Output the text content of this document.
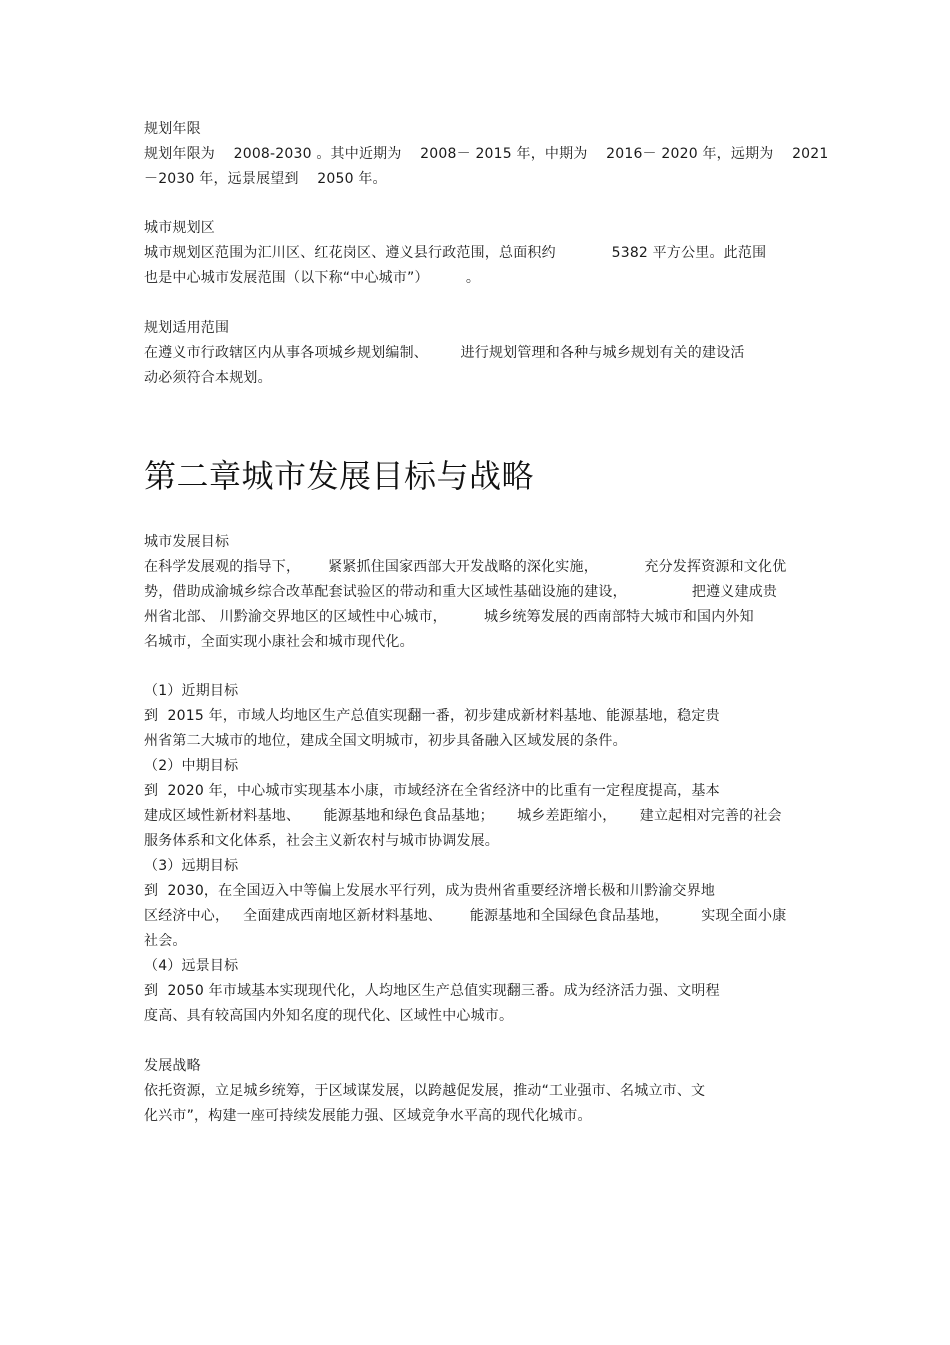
规划年限
规划年限为    2008-2030 。其中近期为    2008－ 2015 年，中期为    2016－ 2020 年，远期为    2021
－2030 年，远景展望到    2050 年。
城市规划区
城市规划区范围为汇川区、红花岗区、遵义县行政范围，总面积约            5382 平方公里。此范围
也是中心城市发展范围（以下称“中心城市”）        。
规划适用范围
在遵义市行政辖区内从事各项城乡规划编制、       进行规划管理和各种与城乡规划有关的建设活
动必须符合本规划。
第二章城市发展目标与战略
城市发展目标
在科学发展观的指导下，      紧紧抓住国家西部大开发战略的深化实施，          充分发挥资源和文化优
势，借助成渝城乡综合改革配套试验区的带动和重大区域性基础设施的建设，              把遵义建成贵
州省北部、 川黔渝交界地区的区域性中心城市，        城乡统筹发展的西南部特大城市和国内外知
名城市，全面实现小康社会和城市现代化。
（1）近期目标
到  2015 年，市域人均地区生产总值实现翻一番，初步建成新材料基地、能源基地，稳定贵
州省第二大城市的地位，建成全国文明城市，初步具备融入区域发展的条件。
（2）中期目标
到  2020 年，中心城市实现基本小康，市域经济在全省经济中的比重有一定程度提高，基本
建成区域性新材料基地、     能源基地和绿色食品基地；     城乡差距缩小，     建立起相对完善的社会
服务体系和文化体系，社会主义新农村与城市协调发展。
（3）远期目标
到  2030，在全国迈入中等偏上发展水平行列，成为贵州省重要经济增长极和川黔渝交界地
区经济中心，   全面建成西南地区新材料基地、      能源基地和全国绿色食品基地，       实现全面小康
社会。
（4）远景目标
到  2050 年市域基本实现现代化，人均地区生产总值实现翻三番。成为经济活力强、文明程
度高、具有较高国内外知名度的现代化、区域性中心城市。
发展战略
依托资源，立足城乡统筹，于区域谋发展，以跨越促发展，推动“工业强市、名城立市、文
化兴市”，构建一座可持续发展能力强、区域竞争水平高的现代化城市。
